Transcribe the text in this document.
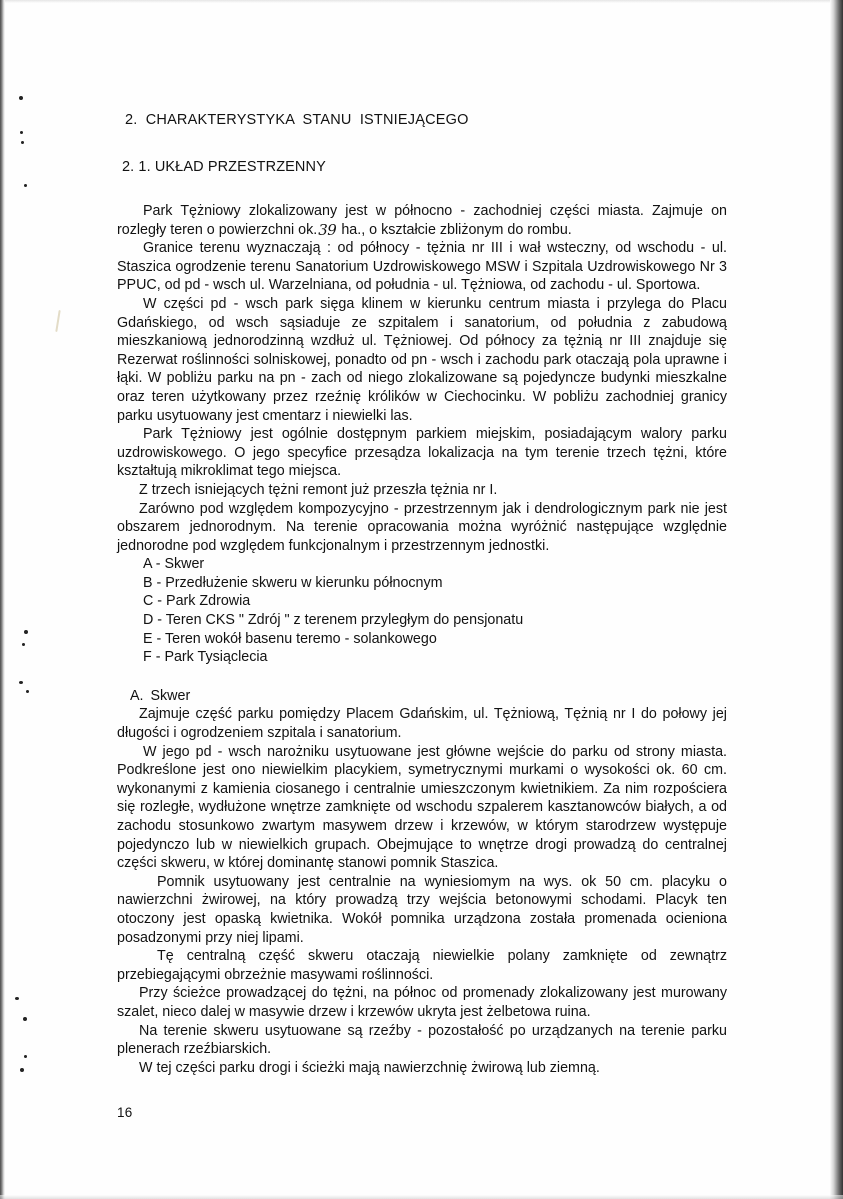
2. CHARAKTERYSTYKA STANU ISTNIEJĄCEGO
2. 1. UKŁAD PRZESTRZENNY

Park Tężniowy zlokalizowany jest w północno - zachodniej części miasta. Zajmuje on rozległy teren o powierzchni ok.39 ha., o kształcie zbliżonym do rombu.

Granice terenu wyznaczają : od północy - tężnia nr III i wał wsteczny, od wschodu - ul. Staszica ogrodzenie terenu Sanatorium Uzdrowiskowego MSW i Szpitala Uzdrowiskowego Nr 3 PPUC, od pd - wsch ul. Warzelniana, od południa - ul. Tężniowa, od zachodu - ul. Sportowa.

W części pd - wsch park sięga klinem w kierunku centrum miasta i przylega do Placu Gdańskiego, od wsch sąsiaduje ze szpitalem i sanatorium, od południa z zabudową mieszkaniową jednorodzinną wzdłuż ul. Tężniowej. Od północy za tężnią nr III znajduje się Rezerwat roślinności solniskowej, ponadto od pn - wsch i zachodu park otaczają pola uprawne i łąki. W pobliżu parku na pn - zach od niego zlokalizowane są pojedyncze budynki mieszkalne oraz teren użytkowany przez rzeźnię królików w Ciechocinku. W pobliżu zachodniej granicy parku usytuowany jest cmentarz i niewielki las.

Park Tężniowy jest ogólnie dostępnym parkiem miejskim, posiadającym walory parku uzdrowiskowego. O jego specyfice przesądza lokalizacja na tym terenie trzech tężni, które kształtują mikroklimat tego miejsca.

Z trzech isniejących tężni remont już przeszła tężnia nr I.

Zarówno pod względem kompozycyjno - przestrzennym jak i dendrologicznym park nie jest obszarem jednorodnym. Na terenie opracowania można wyróżnić następujące względnie jednorodne pod względem funkcjonalnym i przestrzennym jednostki.

A - Skwer
B - Przedłużenie skweru w kierunku północnym
C - Park Zdrowia
D - Teren CKS " Zdrój " z terenem przyległym do pensjonatu
E - Teren wokół basenu teremo - solankowego
F - Park Tysiąclecia
A. Skwer

Zajmuje część parku pomiędzy Placem Gdańskim, ul. Tężniową, Tężnią nr I do połowy jej długości i ogrodzeniem szpitala i sanatorium.

W jego pd - wsch narożniku usytuowane jest główne wejście do parku od strony miasta. Podkreślone jest ono niewielkim placykiem, symetrycznymi murkami o wysokości ok. 60 cm. wykonanymi z kamienia ciosanego i centralnie umieszczonym kwietnikiem. Za nim rozpościera się rozległe, wydłużone wnętrze zamknięte od wschodu szpalerem kasztanowców białych, a od zachodu stosunkowo zwartym masywem drzew i krzewów, w którym starodrzew występuje pojedynczo lub w niewielkich grupach. Obejmujące to wnętrze drogi prowadzą do centralnej części skweru, w której dominantę stanowi pomnik Staszica.

Pomnik usytuowany jest centralnie na wyniesiomym na wys. ok 50 cm. placyku o nawierzchni żwirowej, na który prowadzą trzy wejścia betonowymi schodami. Placyk ten otoczony jest opaską kwietnika. Wokół pomnika urządzona została promenada ocieniona posadzonymi przy niej lipami.

Tę centralną część skweru otaczają niewielkie polany zamknięte od zewnątrz przebiegającymi obrzeżnie masywami roślinności.

Przy ścieżce prowadzącej do tężni, na północ od promenady zlokalizowany jest murowany szalet, nieco dalej w masywie drzew i krzewów ukryta jest żelbetowa ruina.

Na terenie skweru usytuowane są rzeźby - pozostałość po urządzanych na terenie parku plenerach rzeźbiarskich.

W tej części parku drogi i ścieżki mają nawierzchnię żwirową lub ziemną.

16
